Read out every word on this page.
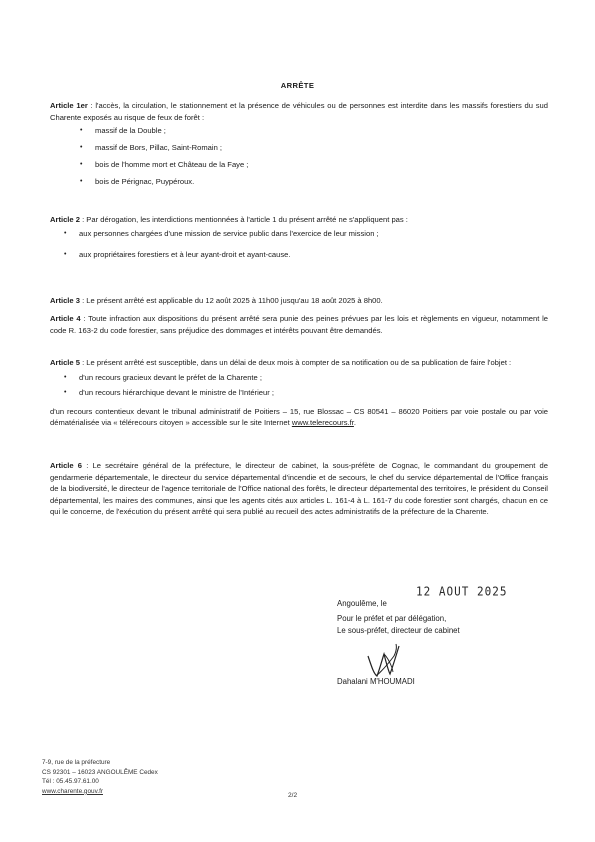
ARRÊTE

Article 1er : l'accès, la circulation, le stationnement et la présence de véhicules ou de personnes est interdite dans les massifs forestiers du sud Charente exposés au risque de feux de forêt :

• massif de la Double ;
• massif de Bors, Pillac, Saint-Romain ;
• bois de l'homme mort et Château de la Faye ;
• bois de Pérignac, Puypéroux.

Article 2 : Par dérogation, les interdictions mentionnées à l'article 1 du présent arrêté ne s'appliquent pas :

• aux personnes chargées d'une mission de service public dans l'exercice de leur mission ;
• aux propriétaires forestiers et à leur ayant-droit et ayant-cause.

Article 3 : Le présent arrêté est applicable du 12 août 2025 à 11h00 jusqu'au 18 août 2025 à 8h00.

Article 4 : Toute infraction aux dispositions du présent arrêté sera punie des peines prévues par les lois et règlements en vigueur, notamment le code R. 163-2 du code forestier, sans préjudice des dommages et intérêts pouvant être demandés.

Article 5 : Le présent arrêté est susceptible, dans un délai de deux mois à compter de sa notification ou de sa publication de faire l'objet :

• d'un recours gracieux devant le préfet de la Charente ;
• d'un recours hiérarchique devant le ministre de l'Intérieur ;

d'un recours contentieux devant le tribunal administratif de Poitiers – 15, rue Blossac – CS 80541 – 86020 Poitiers par voie postale ou par voie dématérialisée via « télérecours citoyen » accessible sur le site Internet www.telerecours.fr.

Article 6 : Le secrétaire général de la préfecture, le directeur de cabinet, la sous-préfète de Cognac, le commandant du groupement de gendarmerie départementale, le directeur du service départemental d'incendie et de secours, le chef du service départemental de l'Office français de la biodiversité, le directeur de l'agence territoriale de l'Office national des forêts, le directeur départemental des territoires, le président du Conseil départemental, les maires des communes, ainsi que les agents cités aux articles L. 161-4 à L. 161-7 du code forestier sont chargés, chacun en ce qui le concerne, de l'exécution du présent arrêté qui sera publié au recueil des actes administratifs de la préfecture de la Charente.

Angoulême, le
12 AOUT 2025
Pour le préfet et par délégation,
Le sous-préfet, directeur de cabinet
Dahalani M'HOUMADI
7-9, rue de la préfecture
CS 92301 – 16023 ANGOULÊME Cedex
Tél : 05.45.97.61.00
www.charente.gouv.fr
2/2
